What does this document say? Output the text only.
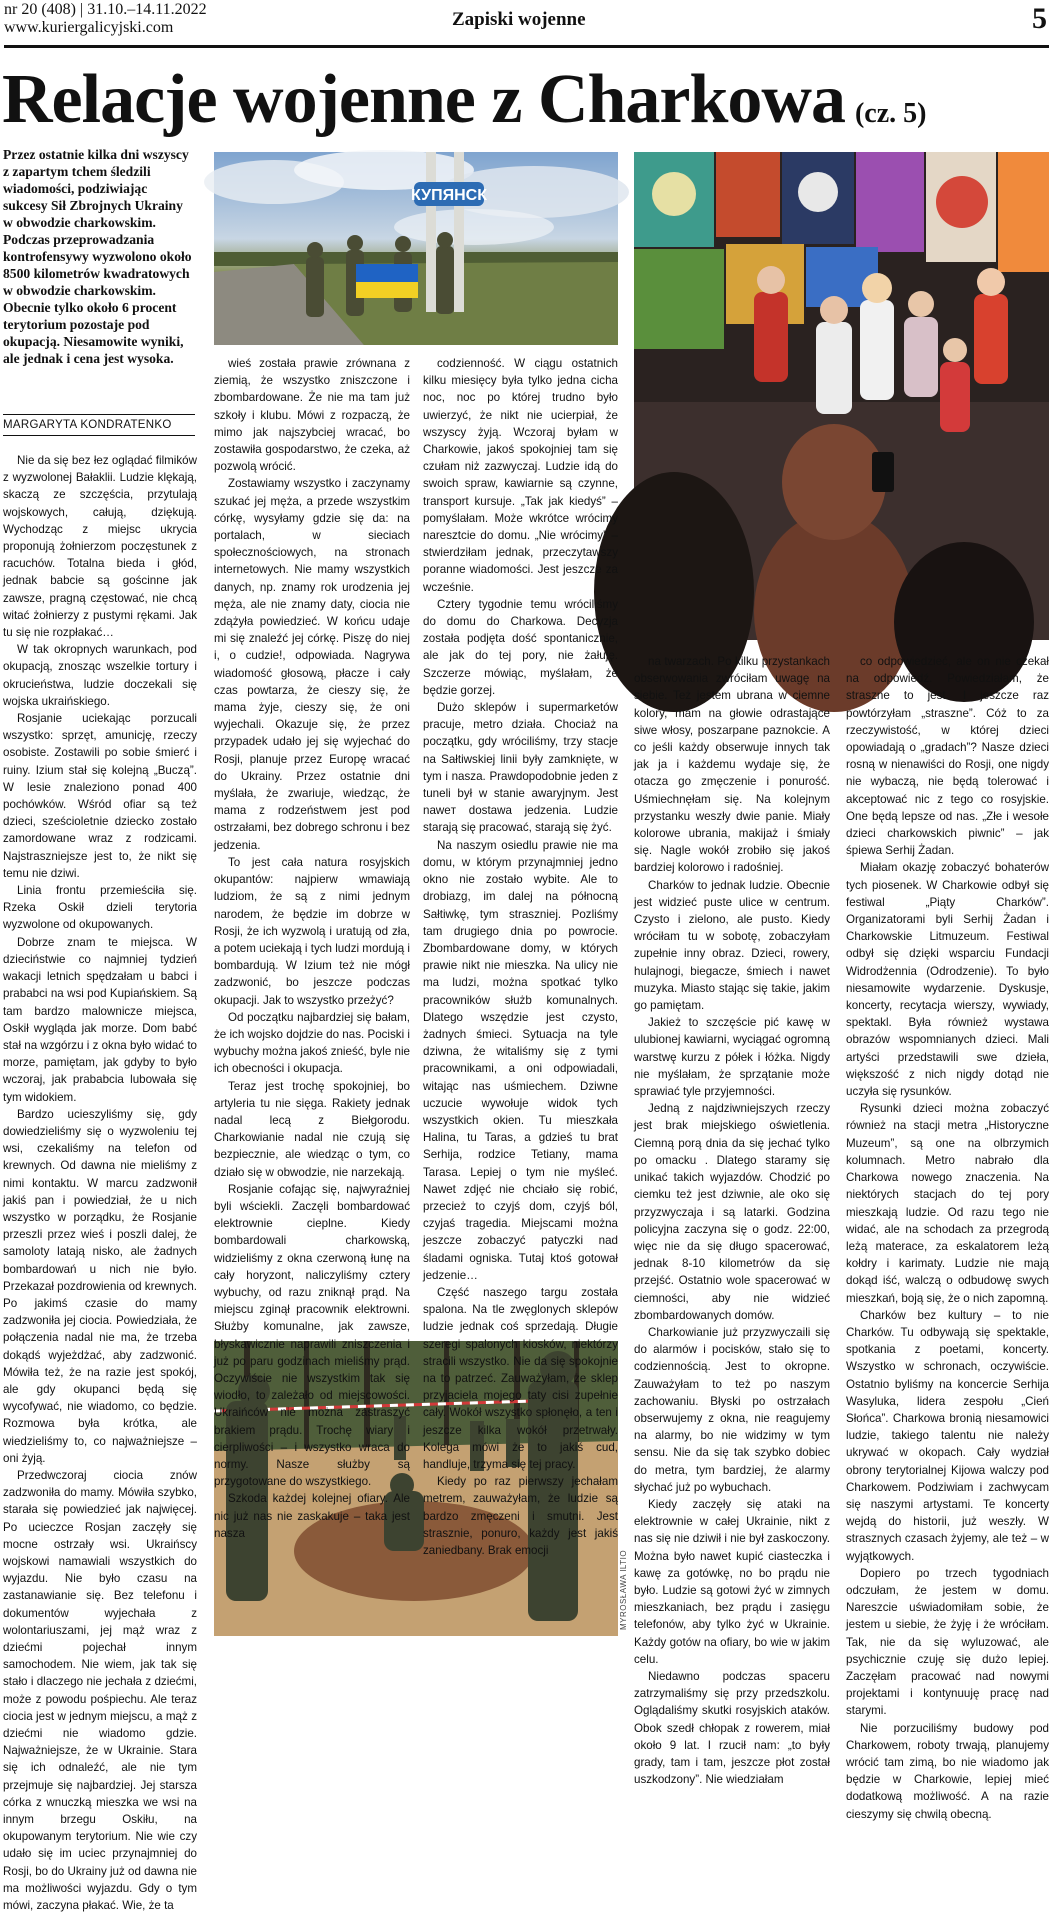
nr 20 (408) | 31.10.–14.11.2022
www.kuriergalicyjski.com	Zapiski wojenne	5
Relacje wojenne z Charkowa (cz. 5)
Przez ostatnie kilka dni wszyscy z zapartym tchem śledzili wiadomości, podziwiając sukcesy Sił Zbrojnych Ukrainy w obwodzie charkowskim. Podczas przeprowadzania kontrofensywy wyzwolono około 8500 kilometrów kwadratowych w obwodzie charkowskim. Obecnie tylko około 6 procent terytorium pozostaje pod okupacją. Niesamowite wyniki, ale jednak i cena jest wysoka.
MARGARYTA KONDRATENKO
КУПЯНСК
MYROSŁAWA ILTIO

Nie da się bez łez oglądać filmików z wyzwolonej Bałaklii. Ludzie klękają, skaczą ze szczęścia, przytulają wojskowych, całują, dziękują. Wychodząc z miejsc ukrycia proponują żołnierzom poczęstunek z racuchów. Totalna bieda i głód, jednak babcie są gościnne jak zawsze, pragną częstować, nie chcą witać żołnierzy z pustymi rękami. Jak tu się nie rozpłakać…

W tak okropnych warunkach, pod okupacją, znosząc wszelkie tortury i okrucieństwa, ludzie doczekali się wojska ukraińskiego.

Rosjanie uciekając porzucali wszystko: sprzęt, amunicję, rzeczy osobiste. Zostawili po sobie śmierć i ruiny. Izium stał się kolejną „Buczą”. W lesie znaleziono ponad 400 pochówków. Wśród ofiar są też dzieci, sześcioletnie dziecko zostało zamordowane wraz z rodzicami. Najstraszniejsze jest to, że nikt się temu nie dziwi.

Linia frontu przemieściła się. Rzeka Oskił dzieli terytoria wyzwolone od okupowanych.

Dobrze znam te miejsca. W dzieciństwie co najmniej tydzień wakacji letnich spędzałam u babci i prababci na wsi pod Kupiańskiem. Są tam bardzo malownicze miejsca, Oskił wygląda jak morze. Dom babć stał na wzgórzu i z okna było widać to morze, pamiętam, jak gdyby to było wczoraj, jak prababcia lubowała się tym widokiem.

Bardzo ucieszyliśmy się, gdy dowiedzieliśmy się o wyzwoleniu tej wsi, czekaliśmy na telefon od krewnych. Od dawna nie mieliśmy z nimi kontaktu. W marcu zadzwonił jakiś pan i powiedział, że u nich wszystko w porządku, że Rosjanie przeszli przez wieś i poszli dalej, że samoloty latają nisko, ale żadnych bombardowań u nich nie było. Przekazał pozdrowienia od krewnych. Po jakimś czasie do mamy zadzwoniła jej ciocia. Powiedziała, że połączenia nadal nie ma, że trzeba dokądś wyjeżdżać, aby zadzwonić. Mówiła też, że na razie jest spokój, ale gdy okupanci będą się wycofywać, nie wiadomo, co będzie. Rozmowa była krótka, ale wiedzieliśmy to, co najważniejsze – oni żyją.

Przedwczoraj ciocia znów zadzwoniła do mamy. Mówiła szybko, starała się powiedzieć jak najwięcej. Po ucieczce Rosjan zaczęły się mocne ostrzały wsi. Ukraińscy wojskowi namawiali wszystkich do wyjazdu. Nie było czasu na zastanawianie się. Bez telefonu i dokumentów wyjechała z wolontariuszami, jej mąż wraz z dziećmi pojechał innym samochodem. Nie wiem, jak tak się stało i dlaczego nie jechała z dziećmi, może z powodu pośpiechu. Ale teraz ciocia jest w jednym miejscu, a mąż z dziećmi nie wiadomo gdzie. Najważniejsze, że w Ukrainie. Stara się ich odnaleźć, ale nie tym przejmuje się najbardziej. Jej starsza córka z wnuczką mieszka we wsi na innym brzegu Oskiłu, na okupowanym terytorium. Nie wie czy udało się im uciec przynajmniej do Rosji, bo do Ukrainy już od dawna nie ma możliwości wyjazdu. Gdy o tym mówi, zaczyna płakać. Wie, że ta

wieś została prawie zrównana z ziemią, że wszystko zniszczone i zbombardowane. Że nie ma tam już szkoły i klubu. Mówi z rozpaczą, że mimo jak najszybciej wracać, bo zostawiła gospodarstwo, że czeka, aż pozwolą wrócić.

Zostawiamy wszystko i zaczynamy szukać jej męża, a przede wszystkim córkę, wysyłamy gdzie się da: na portalach, w sieciach społecznościowych, na stronach internetowych. Nie mamy wszystkich danych, np. znamy rok urodzenia jej męża, ale nie znamy daty, ciocia nie zdążyła powiedzieć. W końcu udaje mi się znaleźć jej córkę. Piszę do niej i, o cudzie!, odpowiada. Nagrywa wiadomość głosową, płacze i cały czas powtarza, że cieszy się, że mama żyje, cieszy się, że oni wyjechali. Okazuje się, że przez przypadek udało jej się wyjechać do Rosji, planuje przez Europę wracać do Ukrainy. Przez ostatnie dni myślała, że zwariuje, wiedząc, że mama z rodzeństwem jest pod ostrzałami, bez dobrego schronu i bez jedzenia.

To jest cała natura rosyjskich okupantów: najpierw wmawiają ludziom, że są z nimi jednym narodem, że będzie im dobrze w Rosji, że ich wyzwolą i uratują od zła, a potem uciekają i tych ludzi mordują i bombardują. W Izium też nie mógł zadzwonić, bo jeszcze podczas okupacji. Jak to wszystko przeżyć?

Od początku najbardziej się bałam, że ich wojsko dojdzie do nas. Pociski i wybuchy można jakoś znieść, byle nie ich obecności i okupacja.

Teraz jest trochę spokojniej, bo artyleria tu nie sięga. Rakiety jednak nadal lecą z Biełgorodu. Charkowianie nadal nie czują się bezpiecznie, ale wiedząc o tym, co działo się w obwodzie, nie narzekają.

Rosjanie cofając się, najwyraźniej byli wściekli. Zaczęli bombardować elektrownie cieplne. Kiedy bombardowali charkowską, widzieliśmy z okna czerwoną łunę na cały horyzont, naliczyliśmy cztery wybuchy, od razu zniknął prąd. Na miejscu zginął pracownik elektrowni. Służby komunalne, jak zawsze, błyskawicznie naprawili zniszczenia i już po paru godzinach mieliśmy prąd. Oczywiście nie wszystkim tak się wiodło, to zależało od miejscowości. Ukraińców nie można zastraszyć brakiem prądu. Trochę wiary i cierpliwości – i wszystko wraca do normy. Nasze służby są przygotowane do wszystkiego.

Szkoda każdej kolejnej ofiary. Ale nic już nas nie zaskakuje – taka jest nasza

codzienność. W ciągu ostatnich kilku miesięcy była tylko jedna cicha noc, noc po której trudno było uwierzyć, że nikt nie ucierpiał, że wszyscy żyją. Wczoraj byłam w Charkowie, jakoś spokojniej tam się czułam niż zazwyczaj. Ludzie idą do swoich spraw, kawiarnie są czynne, transport kursuje. „Tak jak kiedyś” – pomyślałam. Może wkrótce wrócimy naresztcie do domu. „Nie wrócimy” – stwierdziłam jednak, przeczytawszy poranne wiadomości. Jest jeszcze za wcześnie.

Cztery tygodnie temu wróciliśmy do domu do Charkowa. Decyzja została podjęta dość spontanicznie, ale jak do tej pory, nie żałuję. Szczerze mówiąc, myślałam, że będzie gorzej.

Dużo sklepów i supermarketów pracuje, metro działa. Chociaż na początku, gdy wróciliśmy, trzy stacje na Sałtiwskiej linii były zamknięte, w tym i nasza. Prawdopodobnie jeden z tuneli był w stanie awaryjnym. Jest naweт dostawa jedzenia. Ludzie starają się pracować, starają się żyć.

Na naszym osiedlu prawie nie ma domu, w którym przynajmniej jedno okno nie zostało wybite. Ale to drobiazg, im dalej na północną Sałtiwkę, tym straszniej. Pozliśmy tam drugiego dnia po powrocie. Zbombardowane domy, w których prawie nikt nie mieszka. Na ulicy nie ma ludzi, można spotkać tylko pracowników służb komunalnych. Dlatego wszędzie jest czysto, żadnych śmieci. Sytuacja na tyle dziwna, że witaliśmy się z tymi pracownikami, a oni odpowiadali, witając nas uśmiechem. Dziwne uczucie wywołuje widok tych wszystkich okien. Tu mieszkała Halina, tu Taras, a gdzieś tu brat Serhija, rodzice Tetiany, mama Tarasa. Lepiej o tym nie myśleć. Nawet zdjęć nie chciało się robić, przecież to czyjś dom, czyjś ból, czyjaś tragedia. Miejscami można jeszcze zobaczyć patyczki nad śladami ogniska. Tutaj ktoś gotował jedzenie…

Część naszego targu została spalona. Na tle zwęglonych sklepów ludzie jednak coś sprzedają. Długie szeregi spalonych kiosków, niektórzy stracili wszystko. Nie da się spokojnie na to patrzeć. Zauważyłam, że sklep przyjaciela mojego taty cisi zupełnie cały. Wokół wszystko spłonęło, a ten i jeszcze kilka wokół przetrwały. Kolega mówi że to jakiś cud, handluje, trzyma się tej pracy.

Kiedy po raz pierwszy jechałam metrem, zauważyłam, że ludzie są bardzo zmęczeni i smutni. Jest strasznie, ponuro, każdy jest jakiś zaniedbany. Brak emocji

na twarzach. Po kilku przystankach obserwowania zwróciłam uwagę na siebie. Też jestem ubrana w ciemne kolory, mam na głowie odrastające siwe włosy, poszarpane paznokcie. A co jeśli każdy obserwuje innych tak jak ja i każdemu wydaje się, że otacza go zmęczenie i ponurość. Uśmiechnęłam się. Na kolejnym przystanku weszły dwie panie. Miały kolorowe ubrania, makijaż i śmiały się. Nagle wokół zrobiło się jakoś bardziej kolorowo i radośniej.

Charków to jednak ludzie. Obecnie jest widzieć puste ulice w centrum. Czysto i zielono, ale pusto. Kiedy wróciłam tu w sobotę, zobaczyłam zupełnie inny obraz. Dzieci, rowery, hulajnogi, biegacze, śmiech i nawet muzyka. Miasto stając się takie, jakim go pamiętam.

Jakież to szczęście pić kawę w ulubionej kawiarni, wyciągać ogromną warstwę kurzu z półek i łóżka. Nigdy nie myślałam, że sprzątanie może sprawiać tyle przyjemności.

Jedną z najdziwniejszych rzeczy jest brak miejskiego oświetlenia. Ciemną porą dnia da się jechać tylko po omacku . Dlatego staramy się unikać takich wyjazdów. Chodzić po ciemku też jest dziwnie, ale oko się przyzwyczaja i są latarki. Godzina policyjna zaczyna się o godz. 22:00, więc nie da się długo spacerować, jednak 8-10 kilometrów da się przejść. Ostatnio wole spacerować w ciemności, aby nie widzieć zbombardowanych domów.

Charkowianie już przyzwyczaili się do alarmów i pocisków, stało się to codziennością. Jest to okropne. Zauważyłam to też po naszym zachowaniu. Błyski po ostrzałach obserwujemy z okna, nie reagujemy na alarmy, bo nie widzimy w tym sensu. Nie da się tak szybko dobiec do metra, tym bardziej, że alarmy słychać już po wybuchach.

Kiedy zaczęły się ataki na elektrownie w całej Ukrainie, nikt z nas się nie dziwił i nie był zaskoczony. Można było nawet kupić ciasteczka i kawę za gotówkę, no bo prądu nie było. Ludzie są gotowi żyć w zimnych mieszkaniach, bez prądu i zasięgu telefonów, aby tylko żyć w Ukrainie. Każdy gotów na ofiary, bo wie w jakim celu.

Niedawno podczas spaceru zatrzymaliśmy się przy przedszkolu. Oglądaliśmy skutki rosyjskich ataków. Obok szedł chłopak z rowerem, miał około 9 lat. I rzucił nam: „to były grady, tam i tam, jeszcze płot został uszkodzony”. Nie wiedziałam

co odpowiedzieć, ale on nie czekał na odpowiedź. Powiedziałam, że straszne to jest. I jeszcze raz powtórzyłam „straszne”. Cóż to za rzeczywistość, w której dzieci opowiadają o „gradach”? Nasze dzieci rosną w nienawiści do Rosji, one nigdy nie wybaczą, nie będą tolerować i akceptować nic z tego co rosyjskie. One będą lepsze od nas. „Złe i wesołe dzieci charkowskich piwnic” – jak śpiewa Serhij Żadan.

Miałam okazję zobaczyć bohaterów tych piosenek. W Charkowie odbył się festiwal „Piąty Charków”. Organizatorami byli Serhij Żadan i Charkowskie Litmuzeum. Festiwal odbył się dzięki wsparciu Fundacji Widrodżennia (Odrodzenie). To było niesamowite wydarzenie. Dyskusje, koncerty, recytacja wierszy, wywiady, spektakl. Była również wystawa obrazów wspomnianych dzieci. Mali artyści przedstawili swe dzieła, większość z nich nigdy dotąd nie uczyła się rysunków.

Rysunki dzieci można zobaczyć również na stacji metra „Historyczne Muzeum”, są one na olbrzymich kolumnach. Metro nabrało dla Charkowa nowego znaczenia. Na niektórych stacjach do tej pory mieszkają ludzie. Od razu tego nie widać, ale na schodach za przegrodą leżą materace, za eskalatorem leżą kołdry i karimaty. Ludzie nie mają dokąd iść, walczą o odbudowę swych mieszkań, boją się, że o nich zapomną.

Charków bez kultury – to nie Charków. Tu odbywają się spektakle, spotkania z poetami, koncerty. Wszystko w schronach, oczywiście. Ostatnio byliśmy na koncercie Serhija Wasyluka, lidera zespołu „Cień Słońca”. Charkowa bronią niesamowici ludzie, takiego talentu nie należy ukrywać w okopach. Cały wydział obrony terytorialnej Kijowa walczy pod Charkowem. Podziwiam i zachwycam się naszymi artystami. Te koncerty wejdą do historii, już weszły. W strasznych czasach żyjemy, ale też – w wyjątkowych.

Dopiero po trzech tygodniach odczułam, że jestem w domu. Nareszcie uświadomiłam sobie, że jestem u siebie, że żyję i że wróciłam. Tak, nie da się wyluzować, ale psychicznie czuję się dużo lepiej. Zaczęłam pracować nad nowymi projektami i kontynuuję pracę nad starymi.

Nie porzuciliśmy budowy pod Charkowem, roboty trwają, planujemy wrócić tam zimą, bo nie wiadomo jak będzie w Charkowie, lepiej mieć dodatkową możliwość. A na razie cieszymy się chwilą obecną.
